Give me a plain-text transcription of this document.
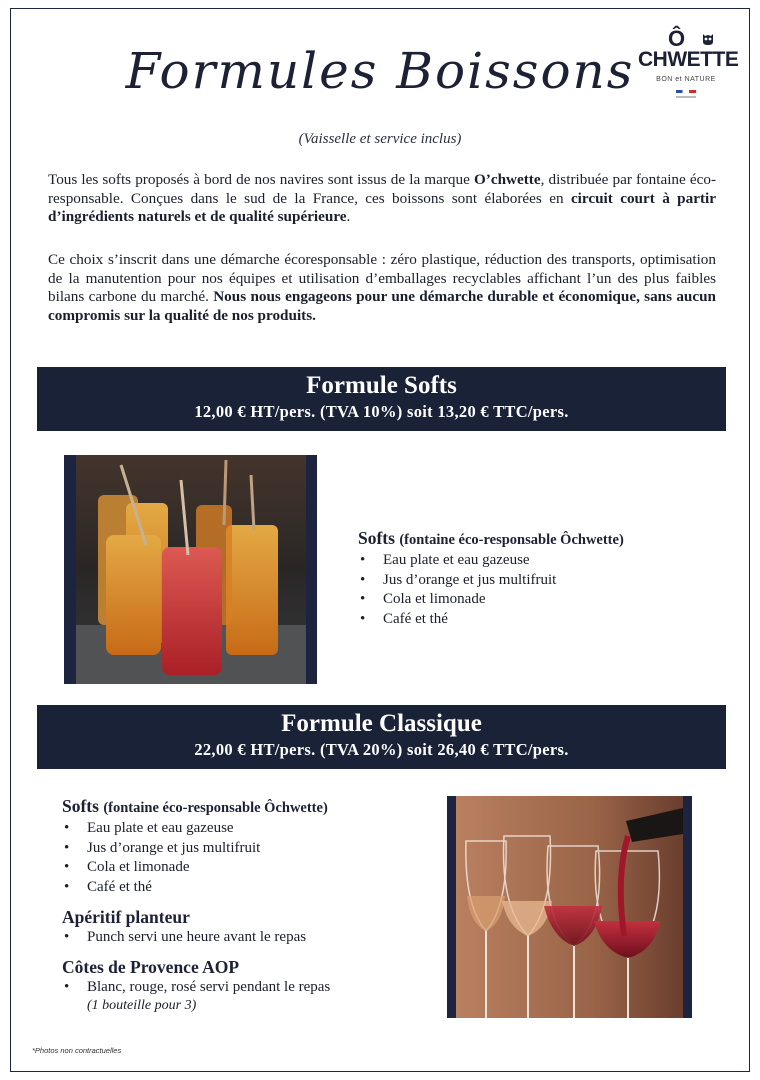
Formules Boissons
(Vaisselle et service inclus)
Ô
CHWETTE
BON et NATURE

Tous les softs proposés à bord de nos navires sont issus de la marque O’chwette, distribuée par fontaine éco-responsable. Conçues dans le sud de la France, ces boissons sont élaborées en circuit court à partir d’ingrédients naturels et de qualité supérieure.

Ce choix s’inscrit dans une démarche écoresponsable : zéro plastique, réduction des transports, optimisation de la manutention pour nos équipes et utilisation d’emballages recyclables affichant l’un des plus faibles bilans carbone du marché. Nous nous engageons pour une démarche durable et économique, sans aucun compromis sur la qualité de nos produits.

Formule Softs
12,00 € HT/pers. (TVA 10%) soit 13,20 € TTC/pers.
Softs (fontaine éco-responsable Ôchwette)
• Eau plate et eau gazeuse
• Jus d’orange et jus multifruit
• Cola et limonade
• Café et thé
Formule Classique
22,00 € HT/pers. (TVA 20%) soit 26,40 € TTC/pers.
Softs (fontaine éco-responsable Ôchwette)
• Eau plate et eau gazeuse
• Jus d’orange et jus multifruit
• Cola et limonade
• Café et thé
Apéritif planteur
• Punch servi une heure avant le repas
Côtes de Provence AOP
• Blanc, rouge, rosé servi pendant le repas
(1 bouteille pour 3)
*Photos non contractuelles
